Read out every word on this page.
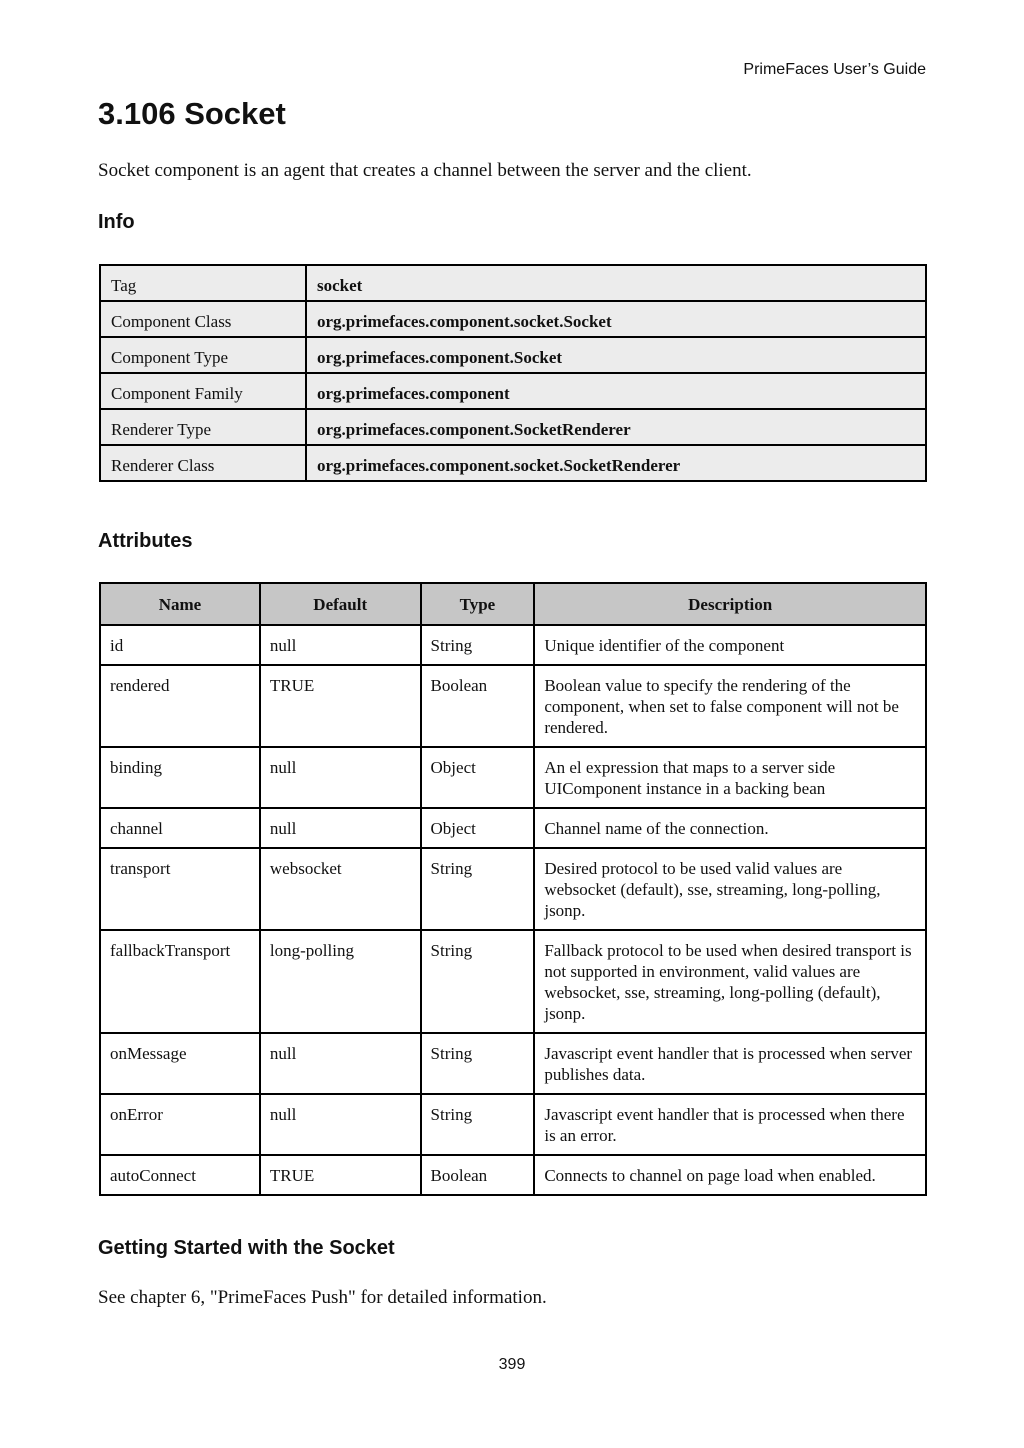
PrimeFaces User’s Guide
3.106 Socket

Socket component is an agent that creates a channel between the server and the client.

Info
Tag	socket
Component Class	org.primefaces.component.socket.Socket
Component Type	org.primefaces.component.Socket
Component Family	org.primefaces.component
Renderer Type	org.primefaces.component.SocketRenderer
Renderer Class	org.primefaces.component.socket.SocketRenderer
Attributes
Name	Default	Type	Description
id	null	String	Unique identifier of the component
rendered	TRUE	Boolean	Boolean value to specify the rendering of the component, when set to false component will not be rendered.
binding	null	Object	An el expression that maps to a server side UIComponent instance in a backing bean
channel	null	Object	Channel name of the connection.
transport	websocket	String	Desired protocol to be used valid values are websocket (default), sse, streaming, long-polling, jsonp.
fallbackTransport	long-polling	String	Fallback protocol to be used when desired transport is not supported in environment, valid values are websocket, sse, streaming, long-polling (default), jsonp.
onMessage	null	String	Javascript event handler that is processed when server publishes data.
onError	null	String	Javascript event handler that is processed when there is an error.
autoConnect	TRUE	Boolean	Connects to channel on page load when enabled.
Getting Started with the Socket

See chapter 6, "PrimeFaces Push" for detailed information.

399
